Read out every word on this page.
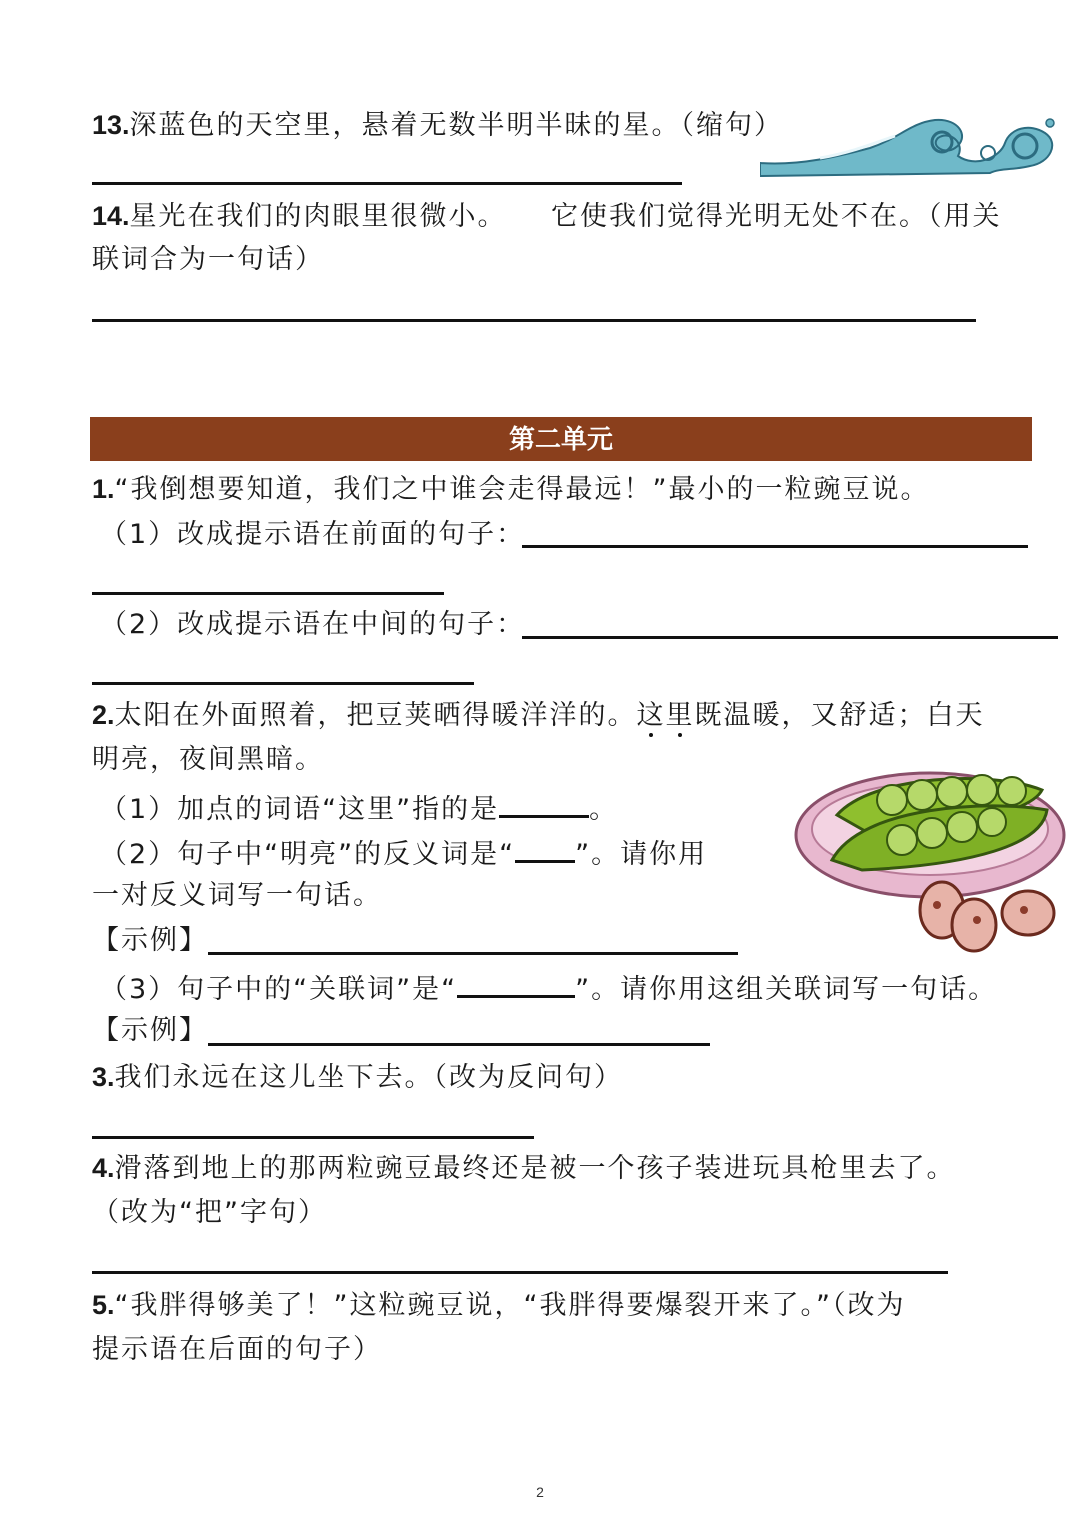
13.深蓝色的天空里，悬着无数半明半昧的星。（缩句）
14.星光在我们的肉眼里很微小。　　它使我们觉得光明无处不在。（用关
联词合为一句话）
第二单元
1.“我倒想要知道，我们之中谁会走得最远！”最小的一粒豌豆说。
（1）改成提示语在前面的句子：
（2）改成提示语在中间的句子：
2.太阳在外面照着，把豆荚晒得暖洋洋的。这里既温暖，又舒适；白天
明亮，夜间黑暗。
（1）加点的词语“这里”指的是	。
（2）句子中“明亮”的反义词是“ ”。请你用
一对反义词写一句话。
【示例】
（3）句子中的“关联词”是“	”。请你用这组关联词写一句话。
【示例】
3.我们永远在这儿坐下去。（改为反问句）
4.滑落到地上的那两粒豌豆最终还是被一个孩子装进玩具枪里去了。
（改为“把”字句）
5.“我胖得够美了！”这粒豌豆说，“我胖得要爆裂开来了。”（改为
提示语在后面的句子）
2
